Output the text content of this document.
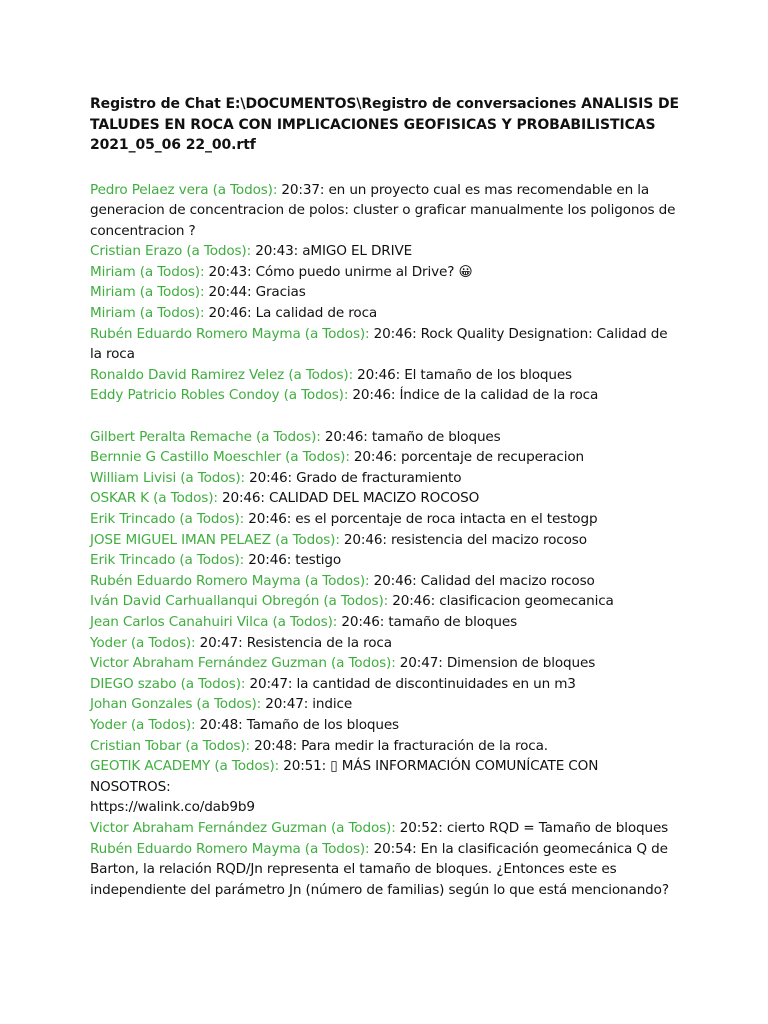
Registro de Chat E:\DOCUMENTOS\Registro de conversaciones ANALISIS DE TALUDES EN ROCA CON IMPLICACIONES GEOFISICAS Y PROBABILISTICAS 2021_05_06 22_00.rtf
Pedro Pelaez vera (a Todos): 20:37: en un proyecto cual es mas recomendable en la generacion de concentracion de polos: cluster o graficar manualmente los poligonos de concentracion ?
Cristian Erazo (a Todos): 20:43: aMIGO EL DRIVE
Miriam (a Todos): 20:43: Cómo puedo unirme al Drive? 😀
Miriam (a Todos): 20:44: Gracias
Miriam (a Todos): 20:46: La calidad de roca
Rubén Eduardo Romero Mayma (a Todos): 20:46: Rock Quality Designation: Calidad de la roca
Ronaldo David Ramirez Velez (a Todos): 20:46: El tamaño de los bloques
Eddy Patricio Robles Condoy (a Todos): 20:46: Índice de la calidad de la roca
Gilbert Peralta Remache (a Todos): 20:46: tamaño de bloques
Bernnie G Castillo Moeschler (a Todos): 20:46: porcentaje de recuperacion
William Livisi (a Todos): 20:46: Grado de fracturamiento
OSKAR K (a Todos): 20:46: CALIDAD DEL MACIZO ROCOSO
Erik Trincado (a Todos): 20:46: es el porcentaje de roca intacta en el testogp
JOSE MIGUEL IMAN PELAEZ (a Todos): 20:46: resistencia del macizo rocoso
Erik Trincado (a Todos): 20:46: testigo
Rubén Eduardo Romero Mayma (a Todos): 20:46: Calidad del macizo rocoso
Iván David Carhuallanqui Obregón (a Todos): 20:46: clasificacion geomecanica
Jean Carlos Canahuiri Vilca (a Todos): 20:46: tamaño de bloques
Yoder (a Todos): 20:47: Resistencia de la roca
Victor Abraham Fernández Guzman (a Todos): 20:47: Dimension de bloques
DIEGO szabo (a Todos): 20:47: la cantidad de discontinuidades en un m3
Johan Gonzales (a Todos): 20:47: indice
Yoder (a Todos): 20:48: Tamaño de los bloques
Cristian Tobar (a Todos): 20:48: Para medir la fracturación de la roca.
GEOTIK ACADEMY (a Todos): 20:51: ▯ MÁS INFORMACIÓN COMUNÍCATE CON NOSOTROS:
https://walink.co/dab9b9
Victor Abraham Fernández Guzman (a Todos): 20:52: cierto RQD = Tamaño de bloques
Rubén Eduardo Romero Mayma (a Todos): 20:54: En la clasificación geomecánica Q de Barton, la relación RQD/Jn representa el tamaño de bloques. ¿Entonces este es independiente del parámetro Jn (número de familias) según lo que está mencionando?
